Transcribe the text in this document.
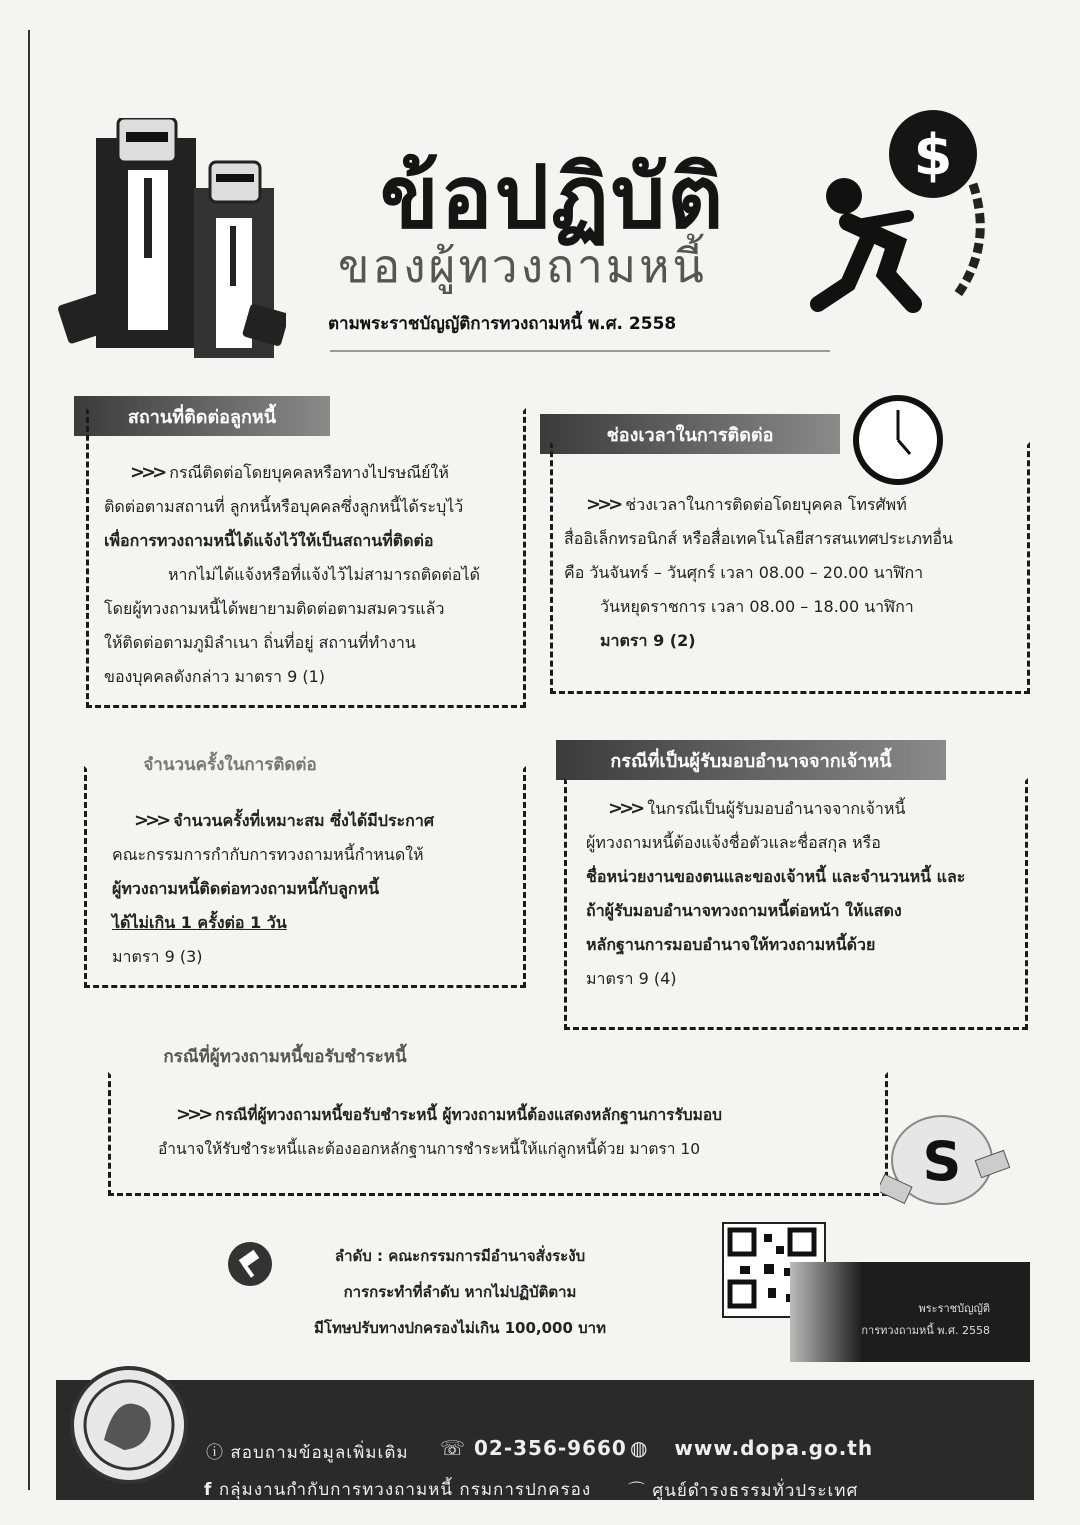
ข้อปฏิบัติ
ของผู้ทวงถามหนี้
ตามพระราชบัญญัติการทวงถามหนี้ พ.ศ. 2558
$
สถานที่ติดต่อลูกหนี้
>>> กรณีติดต่อโดยบุคคลหรือทางไปรษณีย์ให้
ติดต่อตามสถานที่ ลูกหนี้หรือบุคคลซึ่งลูกหนี้ได้ระบุไว้
เพื่อการทวงถามหนี้ได้แจ้งไว้ให้เป็นสถานที่ติดต่อ
หากไม่ได้แจ้งหรือที่แจ้งไว้ไม่สามารถติดต่อได้
โดยผู้ทวงถามหนี้ได้พยายามติดต่อตามสมควรแล้ว
ให้ติดต่อตามภูมิลำเนา ถิ่นที่อยู่ สถานที่ทำงาน
ของบุคคลดังกล่าว มาตรา 9 (1)
ช่องเวลาในการติดต่อ
>>> ช่วงเวลาในการติดต่อโดยบุคคล โทรศัพท์
สื่ออิเล็กทรอนิกส์ หรือสื่อเทคโนโลยีสารสนเทศประเภทอื่น
คือ วันจันทร์ – วันศุกร์ เวลา 08.00 – 20.00 นาฬิกา
วันหยุดราชการ เวลา 08.00 – 18.00 นาฬิกา
มาตรา 9 (2)
จำนวนครั้งในการติดต่อ
>>> จำนวนครั้งที่เหมาะสม ซึ่งได้มีประกาศ
คณะกรรมการกำกับการทวงถามหนี้กำหนดให้
ผู้ทวงถามหนี้ติดต่อทวงถามหนี้กับลูกหนี้
ได้ไม่เกิน 1 ครั้งต่อ 1 วัน
มาตรา 9 (3)
กรณีที่เป็นผู้รับมอบอำนาจจากเจ้าหนี้
>>> ในกรณีเป็นผู้รับมอบอำนาจจากเจ้าหนี้
ผู้ทวงถามหนี้ต้องแจ้งชื่อตัวและชื่อสกุล หรือ
ชื่อหน่วยงานของตนและของเจ้าหนี้ และจำนวนหนี้ และ
ถ้าผู้รับมอบอำนาจทวงถามหนี้ต่อหน้า ให้แสดง
หลักฐานการมอบอำนาจให้ทวงถามหนี้ด้วย
มาตรา 9 (4)
กรณีที่ผู้ทวงถามหนี้ขอรับชำระหนี้
>>> กรณีที่ผู้ทวงถามหนี้ขอรับชำระหนี้ ผู้ทวงถามหนี้ต้องแสดงหลักฐานการรับมอบ
อำนาจให้รับชำระหนี้และต้องออกหลักฐานการชำระหนี้ให้แก่ลูกหนี้ด้วย มาตรา 10	S
ลำดับ : คณะกรรมการมีอำนาจสั่งระงับ
การกระทำที่ลำดับ หากไม่ปฏิบัติตาม
มีโทษปรับทางปกครองไม่เกิน 100,000 บาท
พระราชบัญญัติ
การทวงถามหนี้ พ.ศ. 2558
ⓘ สอบถามข้อมูลเพิ่มเติม ☏ 02-356-9660 ◍ www.dopa.go.th
f กลุ่มงานกำกับการทวงถามหนี้ กรมการปกครอง ⌒ ศูนย์ดำรงธรรมทั่วประเทศ
